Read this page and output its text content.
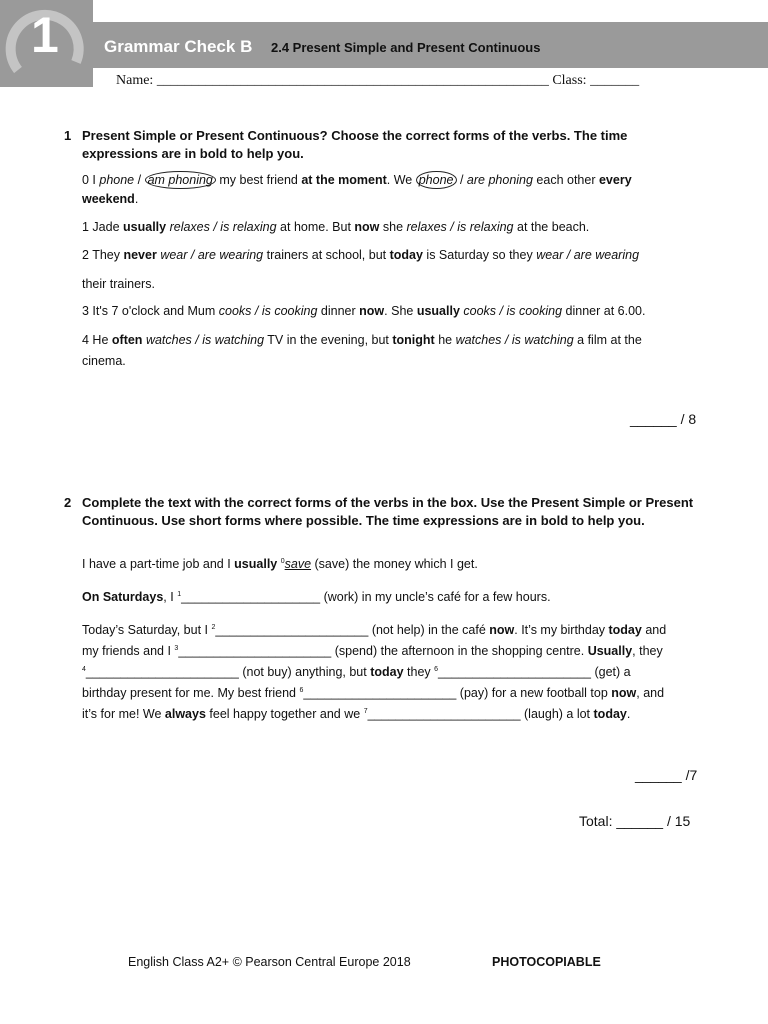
1	Grammar Check B 2.4 Present Simple and Present Continuous
Name: ________________________________________________________ Class: _______
1 Present Simple or Present Continuous? Choose the correct forms of the verbs. The time expressions are in bold to help you.
0 I phone / am phoning my best friend at the moment. We phone / are phoning each other every
weekend.
1 Jade usually relaxes / is relaxing at home. But now she relaxes / is relaxing at the beach.
2 They never wear / are wearing trainers at school, but today is Saturday so they wear / are wearing
their trainers.
3 It's 7 o'clock and Mum cooks / is cooking dinner now. She usually cooks / is cooking dinner at 6.00.
4 He often watches / is watching TV in the evening, but tonight he watches / is watching a film at the
cinema.
______ / 8
2 Complete the text with the correct forms of the verbs in the box. Use the Present Simple or Present Continuous. Use short forms where possible. The time expressions are in bold to help you.
I have a part-time job and I usually $^0$save (save) the money which I get.
On Saturdays, I $^1$____________________ (work) in my uncle’s café for a few hours.
Today’s Saturday, but I $^2$______________________ (not help) in the café now. It’s my birthday today and
my friends and I $^3$______________________ (spend) the afternoon in the shopping centre. Usually, they
$^4$______________________ (not buy) anything, but today they $^6$______________________ (get) a
birthday present for me. My best friend $^6$______________________ (pay) for a new football top now, and
it’s for me! We always feel happy together and we $^7$______________________ (laugh) a lot today.
______ /7
Total: ______ / 15
English Class A2+ © Pearson Central Europe 2018	PHOTOCOPIABLE
